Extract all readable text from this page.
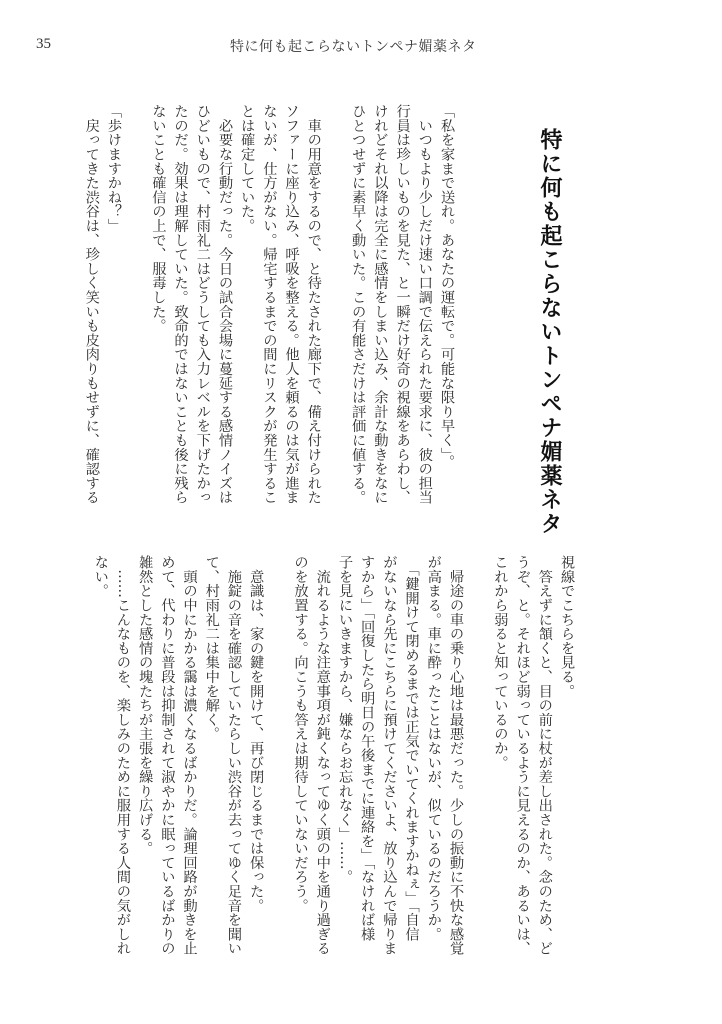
35	特に何も起こらないトンペナ媚薬ネタ
特に何も起こらないトンペナ媚薬ネタ

「私を家まで送れ。あなたの運転で。可能な限り早く」。

　いつもより少しだけ速い口調で伝えられた要求に、彼の担当

行員は珍しいものを見た、と一瞬だけ好奇の視線をあらわし、

けれどそれ以降は完全に感情をしまい込み、余計な動きをなに

ひとつせずに素早く動いた。この有能さだけは評価に値する。

　車の用意をするので、と待たされた廊下で、備え付けられた

ソファーに座り込み、呼吸を整える。他人を頼るのは気が進ま

ないが、仕方がない。帰宅するまでの間にリスクが発生するこ

とは確定していた。

　必要な行動だった。今日の試合会場に蔓延する感情ノイズは

ひどいもので、村雨礼二はどうしても入力レベルを下げたかっ

たのだ。効果は理解していた。致命的ではないことも後に残ら

ないことも確信の上で、服毒した。

「歩けますかね？」

　戻ってきた渋谷は、珍しく笑いも皮肉りもせずに、確認する

視線でこちらを見る。

　答えずに頷くと、目の前に杖が差し出された。念のため、ど

うぞ、と。それほど弱っているように見えるのか、あるいは、

これから弱ると知っているのか。

　帰途の車の乗り心地は最悪だった。少しの振動に不快な感覚

が高まる。車に酔ったことはないが、似ているのだろうか。

　「鍵開けて閉めるまでは正気でいてくれますかねぇ」「自信

がないなら先にこちらに預けてくださいよ、放り込んで帰りま

すから」「回復したら明日の午後までに連絡を」「なければ様

子を見にいきますから、嫌ならお忘れなく」……。

　流れるような注意事項が鈍くなってゆく頭の中を通り過ぎる

のを放置する。向こうも答えは期待していないだろう。

　意識は、家の鍵を開けて、再び閉じるまでは保った。

　施錠の音を確認していたらしい渋谷が去ってゆく足音を聞い

て、村雨礼二は集中を解く。

　頭の中にかかる靄は濃くなるばかりだ。論理回路が動きを止

めて、代わりに普段は抑制されて淑やかに眠っているばかりの

雑然とした感情の塊たちが主張を繰り広げる。

　……こんなものを、楽しみのために服用する人間の気がしれ

ない。
